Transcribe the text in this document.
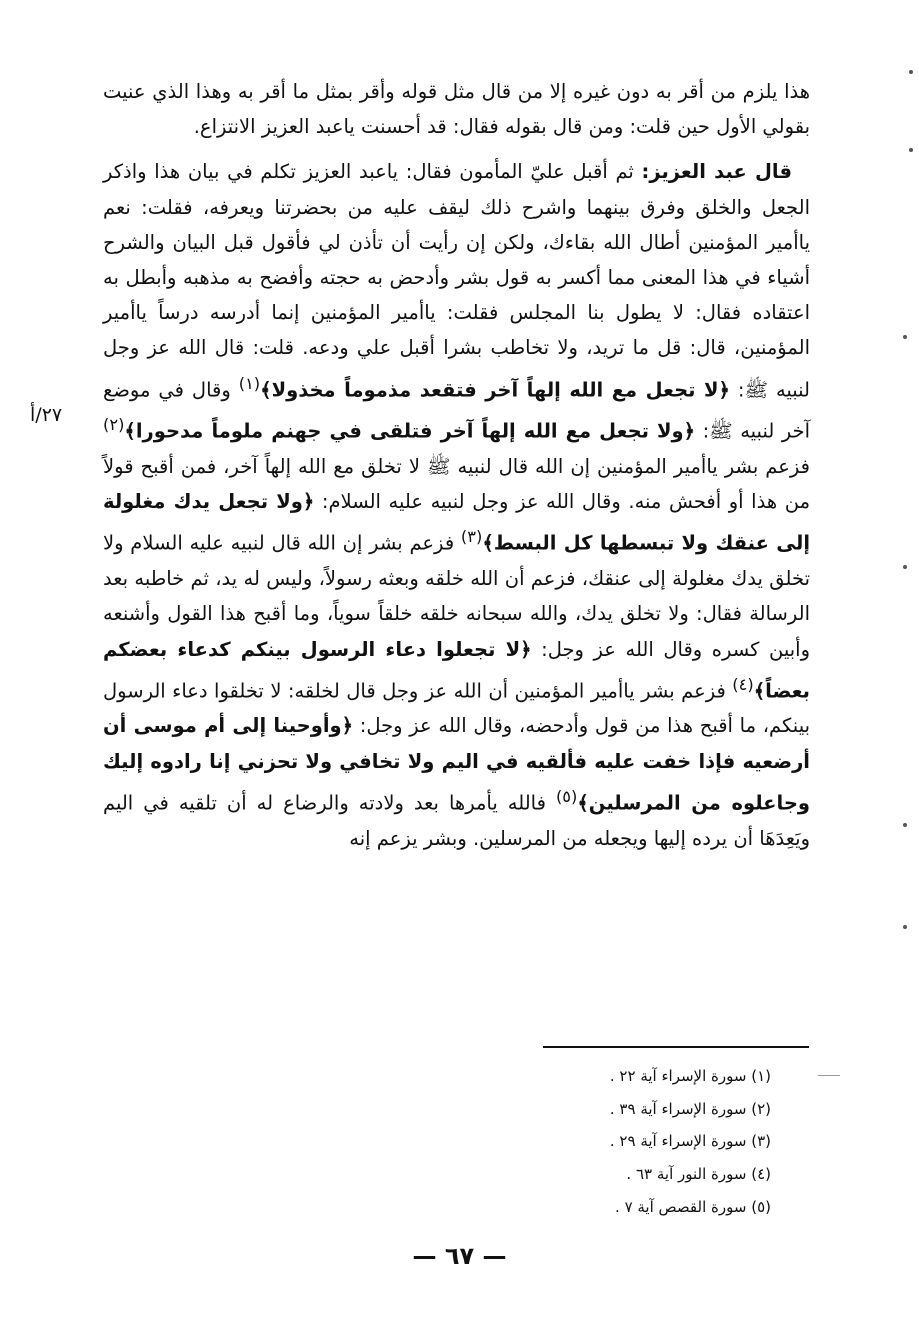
هذا يلزم من أقر به دون غيره إلا من قال مثل قوله وأقر بمثل ما أقر به وهذا الذي عنيت بقولي الأول حين قلت: ومن قال بقوله فقال: قد أحسنت ياعبد العزيز الانتزاع.

قال عبد العزيز: ثم أقبل عليّ المأمون فقال: ياعبد العزيز تكلم في بيان هذا واذكر الجعل والخلق وفرق بينهما واشرح ذلك ليقف عليه من بحضرتنا ويعرفه، فقلت: نعم ياأمير المؤمنين أطال الله بقاءك، ولكن إن رأيت أن تأذن لي فأقول قبل البيان والشرح أشياء في هذا المعنى مما أكسر به قول بشر وأدحض به حجته وأفضح به مذهبه وأبطل به اعتقاده فقال: لا يطول بنا المجلس فقلت: ياأمير المؤمنين إنما أدرسه درساً ياأمير المؤمنين، قال: قل ما تريد، ولا تخاطب بشرا أقبل علي ودعه. قلت: قال الله عز وجل لنبيه ﷺ: ﴿لا تجعل مع الله إلهاً آخر فتقعد مذموماً مخذولا﴾$^{(١)}$ وقال في موضع آخر لنبيه ﷺ: ﴿ولا تجعل مع الله إلهاً آخر فتلقى في جهنم ملوماً مدحورا﴾$^{(٢)}$ فزعم بشر ياأمير المؤمنين إن الله قال لنبيه ﷺ لا تخلق مع الله إلهاً آخر، فمن أقبح قولاً من هذا أو أفحش منه. وقال الله عز وجل لنبيه عليه السلام: ﴿ولا تجعل يدك مغلولة إلى عنقك ولا تبسطها كل البسط﴾$^{(٣)}$ فزعم بشر إن الله قال لنبيه عليه السلام ولا تخلق يدك مغلولة إلى عنقك، فزعم أن الله خلقه وبعثه رسولاً، وليس له يد، ثم خاطبه بعد الرسالة فقال: ولا تخلق يدك، والله سبحانه خلقه خلقاً سوياً، وما أقبح هذا القول وأشنعه وأبين كسره وقال الله عز وجل: ﴿لا تجعلوا دعاء الرسول بينكم كدعاء بعضكم بعضاً﴾$^{(٤)}$ فزعم بشر ياأمير المؤمنين أن الله عز وجل قال لخلقه: لا تخلقوا دعاء الرسول بينكم، ما أقبح هذا من قول وأدحضه، وقال الله عز وجل: ﴿وأوحينا إلى أم موسى أن أرضعيه فإذا خفت عليه فألقيه في اليم ولا تخافي ولا تحزني إنا رادوه إليك وجاعلوه من المرسلين﴾$^{(٥)}$ فالله يأمرها بعد ولادته والرضاع له أن تلقيه في اليم ويَعِدَهَا أن يرده إليها ويجعله من المرسلين. وبشر يزعم إنه

٢٧/أ
(١) سورة الإسراء آية ٢٢ .
(٢) سورة الإسراء آية ٣٩ .
(٣) سورة الإسراء آية ٢٩ .
(٤) سورة النور آية ٦٣ .
(٥) سورة القصص آية ٧ .
— ٦٧ —
